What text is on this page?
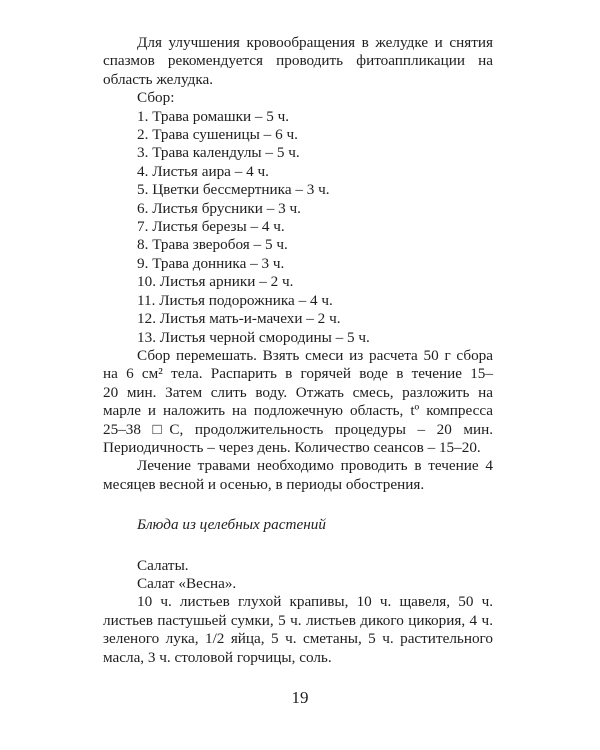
Для улучшения кровообращения в желудке и снятия
спазмов рекомендуется проводить фитоаппликации на
область желудка.
Сбор:
1. Трава ромашки – 5 ч.
2. Трава сушеницы – 6 ч.
3. Трава календулы – 5 ч.
4. Листья аира – 4 ч.
5. Цветки бессмертника – 3 ч.
6. Листья брусники – 3 ч.
7. Листья березы – 4 ч.
8. Трава зверобоя – 5 ч.
9. Трава донника – 3 ч.
10. Листья арники – 2 ч.
11. Листья подорожника – 4 ч.
12. Листья мать-и-мачехи – 2 ч.
13. Листья черной смородины – 5 ч.
Сбор перемешать. Взять смеси из расчета 50 г сбора
на 6 см² тела. Распарить в горячей воде в течение 15–
20 мин. Затем слить воду. Отжать смесь, разложить на
марле и наложить на подложечную область, tº компресса
25–38 □С, продолжительность процедуры – 20 мин.
Периодичность – через день. Количество сеансов – 15–20.
Лечение травами необходимо проводить в течение 4
месяцев весной и осенью, в периоды обострения.
Блюда из целебных растений
Салаты.
Салат «Весна».
10 ч. листьев глухой крапивы, 10 ч. щавеля, 50 ч.
листьев пастушьей сумки, 5 ч. листьев дикого цикория, 4 ч.
зеленого лука, 1/2 яйца, 5 ч. сметаны, 5 ч. растительного
масла, 3 ч. столовой горчицы, соль.
19
